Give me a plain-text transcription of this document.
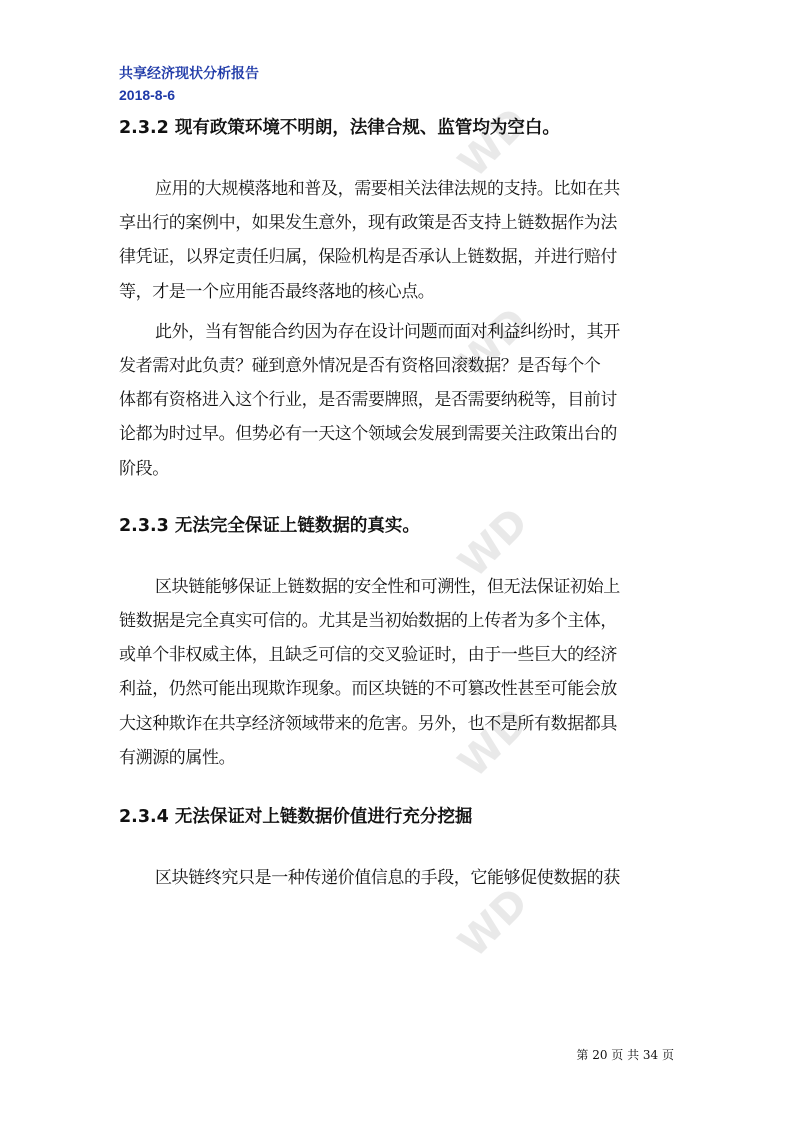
WD
WD
WD
WD
WD
共享经济现状分析报告
2018-8-6
2.3.2 现有政策环境不明朗，法律合规、监管均为空白。

应用的大规模落地和普及，需要相关法律法规的支持。比如在共
享出行的案例中，如果发生意外，现有政策是否支持上链数据作为法
律凭证，以界定责任归属，保险机构是否承认上链数据，并进行赔付
等，才是一个应用能否最终落地的核心点。

此外，当有智能合约因为存在设计问题而面对利益纠纷时，其开
发者需对此负责？碰到意外情况是否有资格回滚数据？是否每个个
体都有资格进入这个行业，是否需要牌照，是否需要纳税等，目前讨
论都为时过早。但势必有一天这个领域会发展到需要关注政策出台的
阶段。

2.3.3 无法完全保证上链数据的真实。

区块链能够保证上链数据的安全性和可溯性，但无法保证初始上
链数据是完全真实可信的。尤其是当初始数据的上传者为多个主体，
或单个非权威主体，且缺乏可信的交叉验证时，由于一些巨大的经济
利益，仍然可能出现欺诈现象。而区块链的不可篡改性甚至可能会放
大这种欺诈在共享经济领域带来的危害。另外，也不是所有数据都具
有溯源的属性。

2.3.4 无法保证对上链数据价值进行充分挖掘

区块链终究只是一种传递价值信息的手段，它能够促使数据的获

第 20 页 共 34 页
